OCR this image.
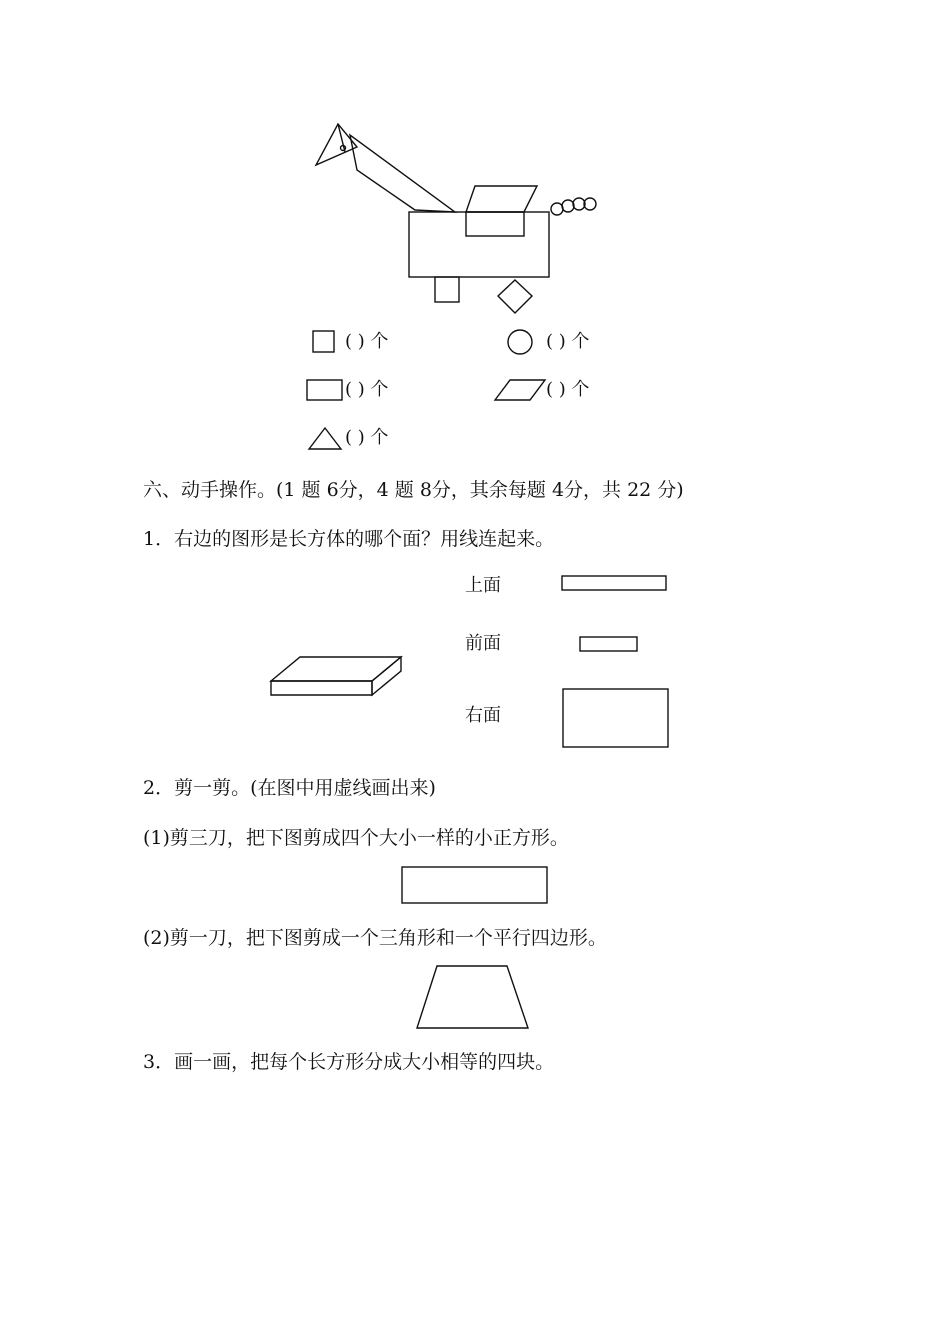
( ) 个	( ) 个
( ) 个	( ) 个
( ) 个
六、动手操作。(1 题 6分，4 题 8分，其余每题 4分，共 22 分)
1．右边的图形是长方体的哪个面？用线连起来。
上面
前面
右面
2．剪一剪。(在图中用虚线画出来)
(1)剪三刀，把下图剪成四个大小一样的小正方形。
(2)剪一刀，把下图剪成一个三角形和一个平行四边形。
3．画一画，把每个长方形分成大小相等的四块。
